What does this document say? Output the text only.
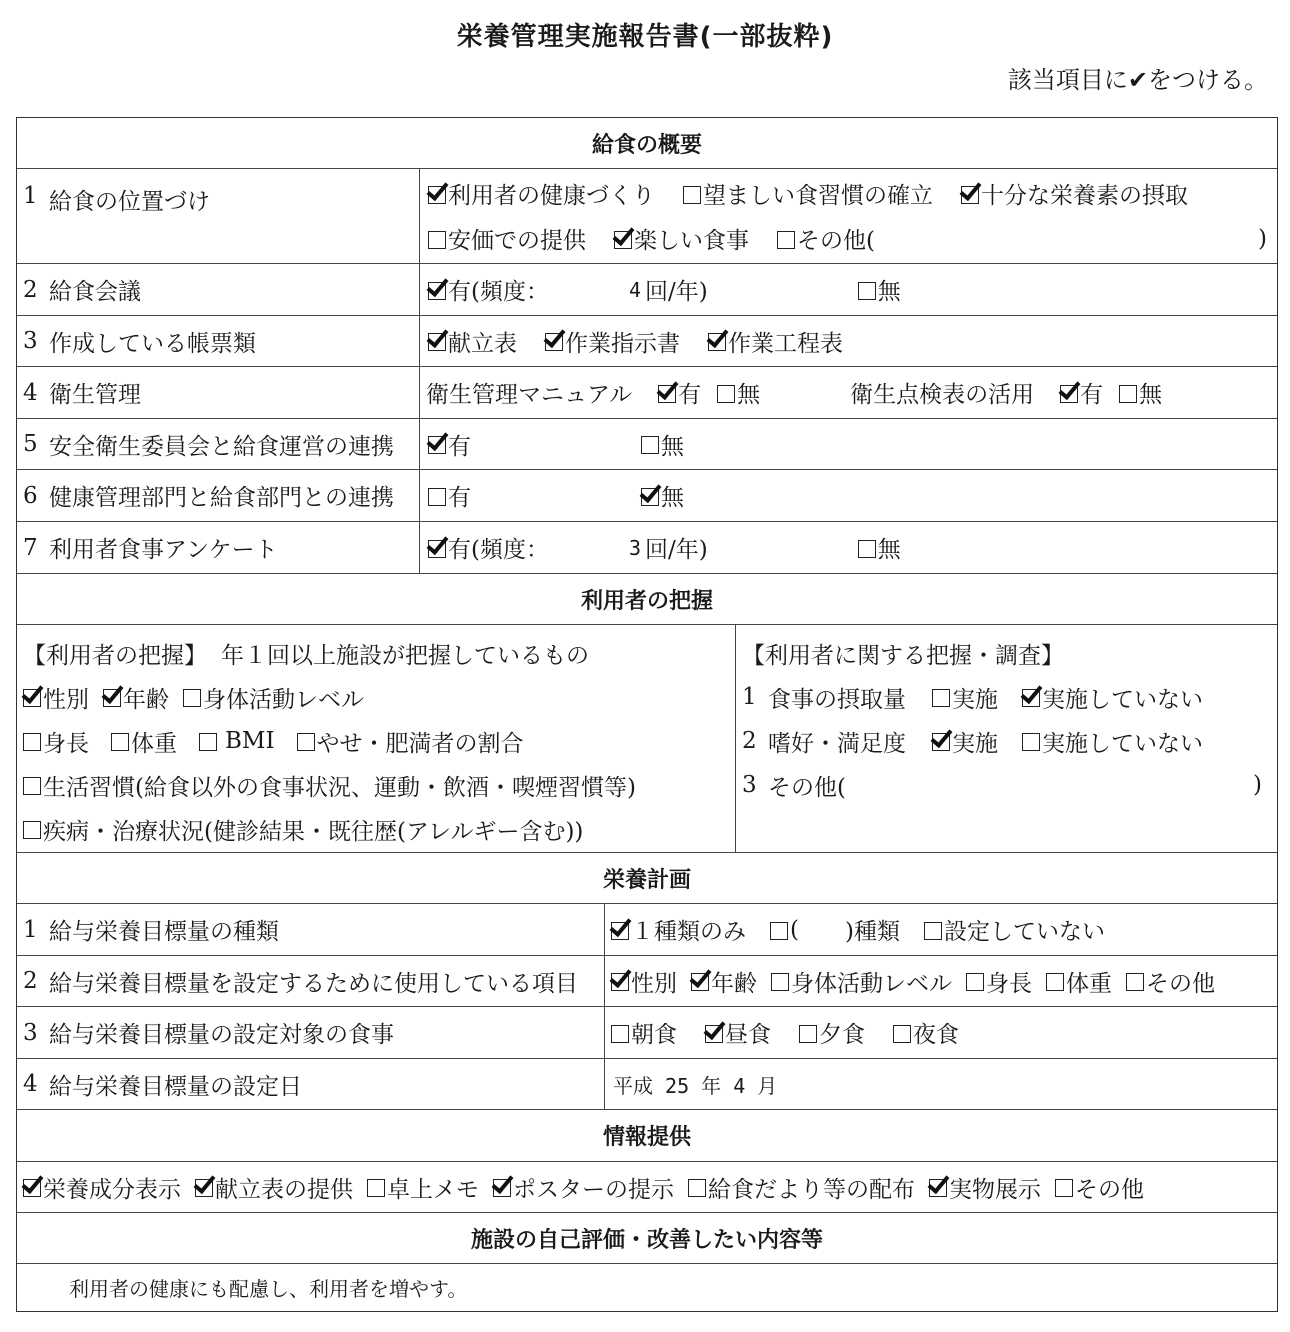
栄養管理実施報告書(一部抜粋)
該当項目に✔をつける。
給食の概要
1 給食の位置づけ	利用者の健康づくり 望ましい食習慣の確立 十分な栄養素の摂取
安価での提供 楽しい食事 その他(	)
2 給食会議	有(頻度：	4 回/年)	無
3 作成している帳票類	献立表 作業指示書 作業工程表
4 衛生管理	衛生管理マニュアル 有 無	衛生点検表の活用 有 無
5 安全衛生委員会と給食運営の連携 有	無
6 健康管理部門と給食部門との連携 有	無
7 利用者食事アンケート	有(頻度：	3 回/年)	無
利用者の把握
【利用者の把握】 年１回以上施設が把握しているもの
性別 年齢 身体活動レベル
身長 体重 BMI やせ・肥満者の割合
生活習慣(給食以外の食事状況、運動・飲酒・喫煙習慣等)
疾病・治療状況(健診結果・既往歴(アレルギー含む))
【利用者に関する把握・調査】
1 食事の摂取量 実施 実施していない
2 嗜好・満足度 実施 実施していない
3 その他(	)
栄養計画
1 給与栄養目標量の種類	１種類のみ ( )種類 設定していない
2 給与栄養目標量を設定するために使用している項目 性別 年齢 身体活動レベル 身長 体重 その他
3 給与栄養目標量の設定対象の食事	朝食 昼食 夕食 夜食
4 給与栄養目標量の設定日	平成 25 年 4 月
情報提供
栄養成分表示 献立表の提供 卓上メモ ポスターの提示 給食だより等の配布 実物展示 その他
施設の自己評価・改善したい内容等
利用者の健康にも配慮し、利用者を増やす。
